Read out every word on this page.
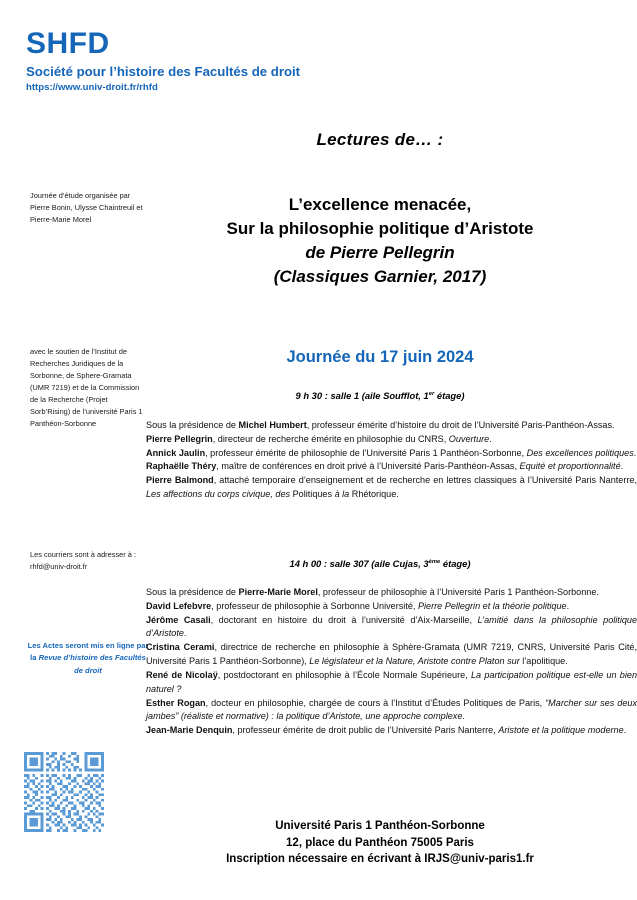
SHFD
Société pour l’histoire des Facultés de droit
https://www.univ-droit.fr/rhfd
Journée d’étude organisée par Pierre Bonin, Ulysse Chaintreuil et Pierre-Marie Morel
avec le soutien de l’Institut de Recherches Juridiques de la Sorbonne, de Sphere-Gramata (UMR 7219) et de la Commission de la Recherche (Projet Sorb’Rising) de l’université Paris 1 Panthéon-Sorbonne
Les courriers sont à adresser à : rhfd@univ-droit.fr
Les Actes seront mis en ligne par la Revue d’histoire des Facultés de droit
Lectures de… :
L’excellence menacée,
Sur la philosophie politique d’Aristote
de Pierre Pellegrin
(Classiques Garnier, 2017)
Journée du 17 juin 2024
9 h 30 : salle 1 (aile Soufflot, 1er étage)

Sous la présidence de Michel Humbert, professeur émérite d’histoire du droit de l’Université Paris-Panthéon-Assas.

Pierre Pellegrin, directeur de recherche émérite en philosophie du CNRS, Ouverture.

Annick Jaulin, professeur émérite de philosophie de l’Université Paris 1 Panthéon-Sorbonne, Des excellences politiques.

Raphaëlle Théry, maître de conférences en droit privé à l’Université Paris-Panthéon-Assas, Equité et proportionnalité.

Pierre Balmond, attaché temporaire d’enseignement et de recherche en lettres classiques à l’Université Paris Nanterre, Les affections du corps civique, des Politiques à la Rhétorique.

14 h 00 : salle 307 (aile Cujas, 3ème étage)

Sous la présidence de Pierre-Marie Morel, professeur de philosophie à l’Université Paris 1 Panthéon-Sorbonne.

David Lefebvre, professeur de philosophie à Sorbonne Université, Pierre Pellegrin et la théorie politique.

Jérôme Casali, doctorant en histoire du droit à l’université d’Aix-Marseille, L’amitié dans la philosophie politique d’Aristote.

Cristina Cerami, directrice de recherche en philosophie à Sphère-Gramata (UMR 7219, CNRS, Université Paris Cité, Université Paris 1 Panthéon-Sorbonne), Le législateur et la Nature, Aristote contre Platon sur l’apolitique.

René de Nicolaÿ, postdoctorant en philosophie à l’École Normale Supérieure, La participation politique est-elle un bien naturel ?

Esther Rogan, docteur en philosophie, chargée de cours à l’Institut d’Études Politiques de Paris, “Marcher sur ses deux jambes” (réaliste et normative) : la politique d’Aristote, une approche complexe.

Jean-Marie Denquin, professeur émérite de droit public de l’Université Paris Nanterre, Aristote et la politique moderne.

Université Paris 1 Panthéon-Sorbonne
12, place du Panthéon 75005 Paris
Inscription nécessaire en écrivant à IRJS@univ-paris1.fr
